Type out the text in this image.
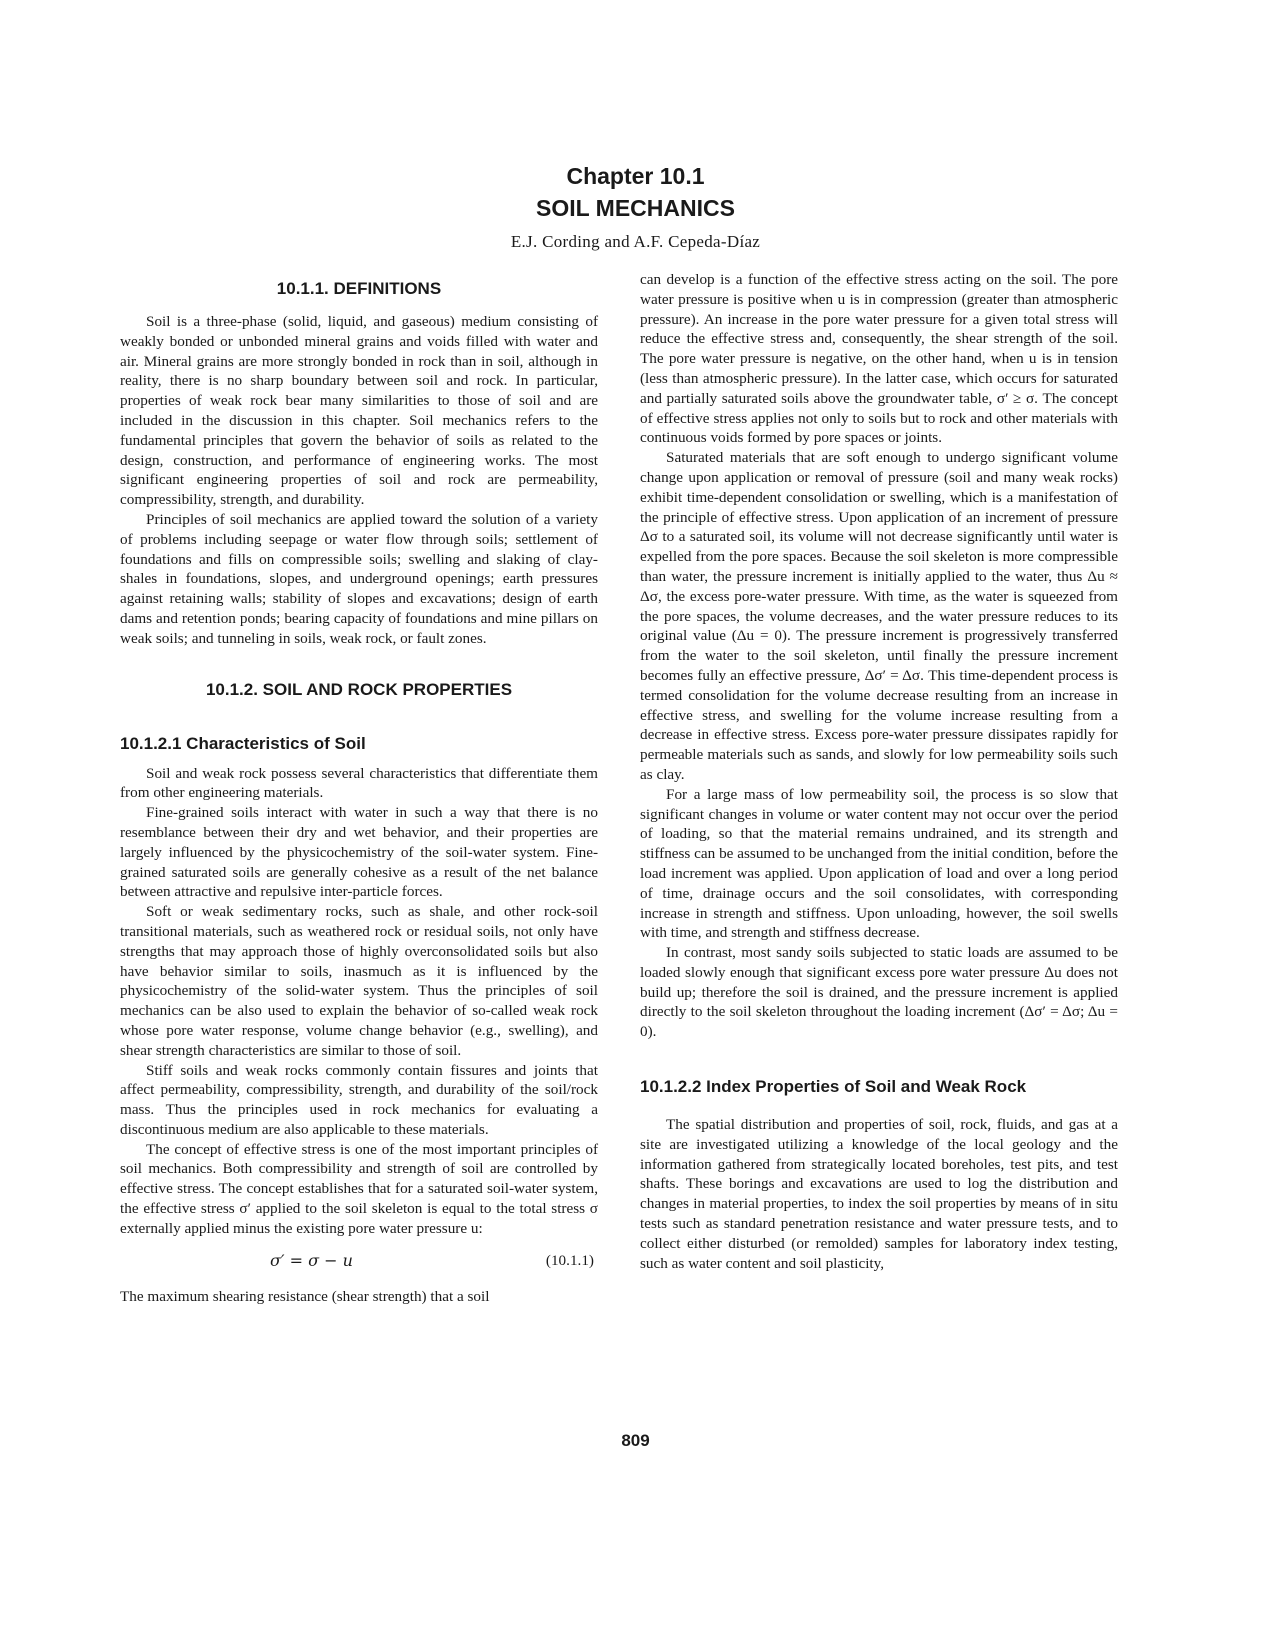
Chapter 10.1
SOIL MECHANICS
E.J. Cording and A.F. Cepeda-Díaz
10.1.1. DEFINITIONS

Soil is a three-phase (solid, liquid, and gaseous) medium consisting of weakly bonded or unbonded mineral grains and voids filled with water and air. Mineral grains are more strongly bonded in rock than in soil, although in reality, there is no sharp boundary between soil and rock. In particular, properties of weak rock bear many similarities to those of soil and are included in the discussion in this chapter. Soil mechanics refers to the fundamental principles that govern the behavior of soils as related to the design, construction, and performance of engineering works. The most significant engineering properties of soil and rock are permeability, compressibility, strength, and durability.

Principles of soil mechanics are applied toward the solution of a variety of problems including seepage or water flow through soils; settlement of foundations and fills on compressible soils; swelling and slaking of clay-shales in foundations, slopes, and underground openings; earth pressures against retaining walls; stability of slopes and excavations; design of earth dams and retention ponds; bearing capacity of foundations and mine pillars on weak soils; and tunneling in soils, weak rock, or fault zones.

10.1.2. SOIL AND ROCK PROPERTIES
10.1.2.1 Characteristics of Soil

Soil and weak rock possess several characteristics that differentiate them from other engineering materials.

Fine-grained soils interact with water in such a way that there is no resemblance between their dry and wet behavior, and their properties are largely influenced by the physicochemistry of the soil-water system. Fine-grained saturated soils are generally cohesive as a result of the net balance between attractive and repulsive inter-particle forces.

Soft or weak sedimentary rocks, such as shale, and other rock-soil transitional materials, such as weathered rock or residual soils, not only have strengths that may approach those of highly overconsolidated soils but also have behavior similar to soils, inasmuch as it is influenced by the physicochemistry of the solid-water system. Thus the principles of soil mechanics can be also used to explain the behavior of so-called weak rock whose pore water response, volume change behavior (e.g., swelling), and shear strength characteristics are similar to those of soil.

Stiff soils and weak rocks commonly contain fissures and joints that affect permeability, compressibility, strength, and durability of the soil/rock mass. Thus the principles used in rock mechanics for evaluating a discontinuous medium are also applicable to these materials.

The concept of effective stress is one of the most important principles of soil mechanics. Both compressibility and strength of soil are controlled by effective stress. The concept establishes that for a saturated soil-water system, the effective stress σ′ applied to the soil skeleton is equal to the total stress σ externally applied minus the existing pore water pressure u:

σ′ = σ − u	(10.1.1)

The maximum shearing resistance (shear strength) that a soil

can develop is a function of the effective stress acting on the soil. The pore water pressure is positive when u is in compression (greater than atmospheric pressure). An increase in the pore water pressure for a given total stress will reduce the effective stress and, consequently, the shear strength of the soil. The pore water pressure is negative, on the other hand, when u is in tension (less than atmospheric pressure). In the latter case, which occurs for saturated and partially saturated soils above the groundwater table, σ′ ≥ σ. The concept of effective stress applies not only to soils but to rock and other materials with continuous voids formed by pore spaces or joints.

Saturated materials that are soft enough to undergo significant volume change upon application or removal of pressure (soil and many weak rocks) exhibit time-dependent consolidation or swelling, which is a manifestation of the principle of effective stress. Upon application of an increment of pressure Δσ to a saturated soil, its volume will not decrease significantly until water is expelled from the pore spaces. Because the soil skeleton is more compressible than water, the pressure increment is initially applied to the water, thus Δu ≈ Δσ, the excess pore-water pressure. With time, as the water is squeezed from the pore spaces, the volume decreases, and the water pressure reduces to its original value (Δu = 0). The pressure increment is progressively transferred from the water to the soil skeleton, until finally the pressure increment becomes fully an effective pressure, Δσ′ = Δσ. This time-dependent process is termed consolidation for the volume decrease resulting from an increase in effective stress, and swelling for the volume increase resulting from a decrease in effective stress. Excess pore-water pressure dissipates rapidly for permeable materials such as sands, and slowly for low permeability soils such as clay.

For a large mass of low permeability soil, the process is so slow that significant changes in volume or water content may not occur over the period of loading, so that the material remains undrained, and its strength and stiffness can be assumed to be unchanged from the initial condition, before the load increment was applied. Upon application of load and over a long period of time, drainage occurs and the soil consolidates, with corresponding increase in strength and stiffness. Upon unloading, however, the soil swells with time, and strength and stiffness decrease.

In contrast, most sandy soils subjected to static loads are assumed to be loaded slowly enough that significant excess pore water pressure Δu does not build up; therefore the soil is drained, and the pressure increment is applied directly to the soil skeleton throughout the loading increment (Δσ′ = Δσ; Δu = 0).

10.1.2.2 Index Properties of Soil and Weak Rock

The spatial distribution and properties of soil, rock, fluids, and gas at a site are investigated utilizing a knowledge of the local geology and the information gathered from strategically located boreholes, test pits, and test shafts. These borings and excavations are used to log the distribution and changes in material properties, to index the soil properties by means of in situ tests such as standard penetration resistance and water pressure tests, and to collect either disturbed (or remolded) samples for laboratory index testing, such as water content and soil plasticity,

809
